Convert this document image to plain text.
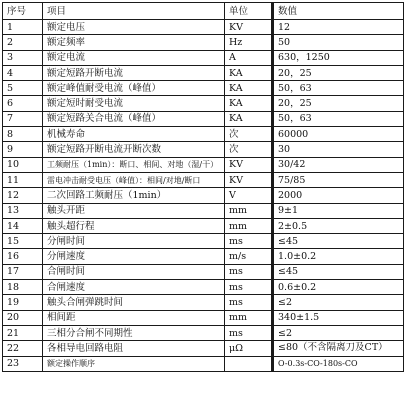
序号	项目	单位	数值
1	额定电压	KV	12
2	额定频率	Hz	50
3	额定电流	A	630，1250
4	额定短路开断电流	KA	20，25
5	额定峰值耐受电流（峰值）	KA	50，63
6	额定短时耐受电流	KA	20，25
7	额定短路关合电流（峰值）	KA	50，63
8	机械寿命	次	60000
9	额定短路开断电流开断次数	次	30
10	工频耐压（1min）：断口、相间、对地（湿/干）	KV	30/42
11	雷电冲击耐受电压（峰值）：相间/对地/断口	KV	75/85
12	二次回路工频耐压（1min）	V	2000
13	触头开距	mm	9±1
14	触头超行程	mm	2±0.5
15	分闸时间	ms	≤45
16	分闸速度	m/s	1.0±0.2
17	合闸时间	ms	≤45
18	合闸速度	ms	0.6±0.2
19	触头合闸弹跳时间	ms	≤2
20	相间距	mm	340±1.5
21	三相分合闸不同期性	ms	≤2
22	各相导电回路电阻	μΩ	≤80（不含隔离刀及CT）
23	额定操作顺序		O-0.3s-CO-180s-CO
